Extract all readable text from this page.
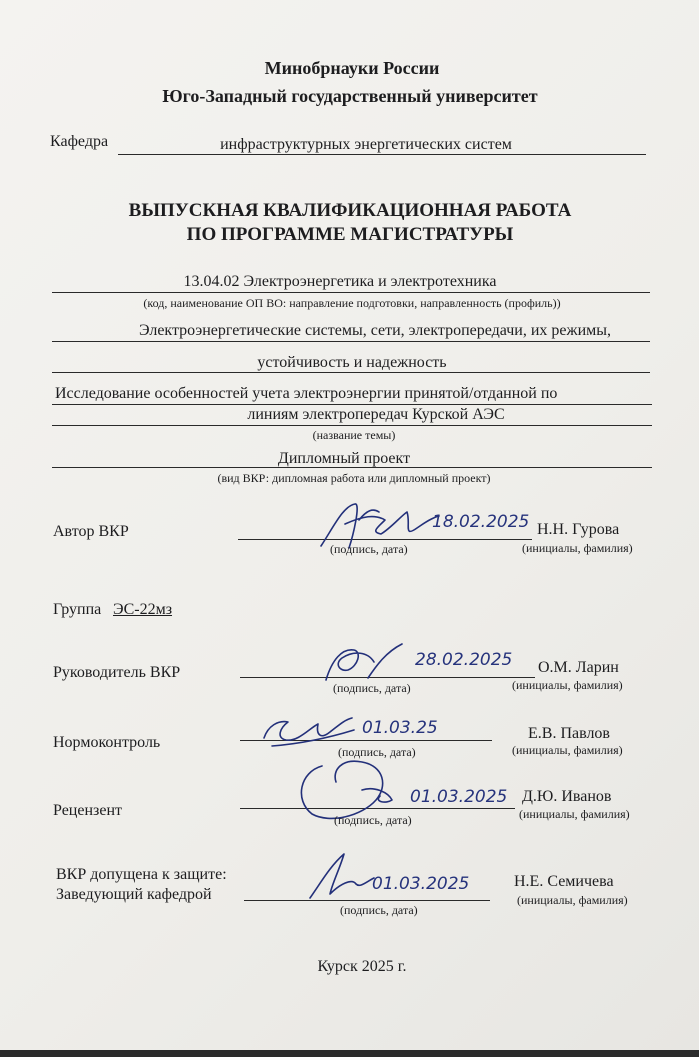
Минобрнауки России
Юго-Западный государственный университет
Кафедра	инфраструктурных энергетических систем
ВЫПУСКНАЯ КВАЛИФИКАЦИОННАЯ РАБОТА
ПО ПРОГРАММЕ МАГИСТРАТУРЫ
13.04.02 Электроэнергетика и электротехника
(код, наименование ОП ВО: направление подготовки, направленность (профиль))
Электроэнергетические системы, сети, электропередачи, их режимы,
устойчивость и надежность
Исследование особенностей учета электроэнергии принятой/отданной по
линиям электропередач Курской АЭС
(название темы)
Дипломный проект
(вид ВКР: дипломная работа или дипломный проект)
Автор ВКР	18.02.2025 Н.Н. Гурова
(подпись, дата)	(инициалы, фамилия)
Группа ЭС-22мз
Руководитель ВКР
28.02.2025 О.М. Ларин
(подпись, дата)	(инициалы, фамилия)
Нормоконтроль
01.03.25	Е.В. Павлов
(подпись, дата)	(инициалы, фамилия)
Рецензент
01.03.2025 Д.Ю. Иванов
(подпись, дата)	(инициалы, фамилия)
ВКР допущена к защите:
Заведующий кафедрой
01.03.2025	Н.Е. Семичева
(подпись, дата)
(инициалы, фамилия)
Курск 2025 г.
